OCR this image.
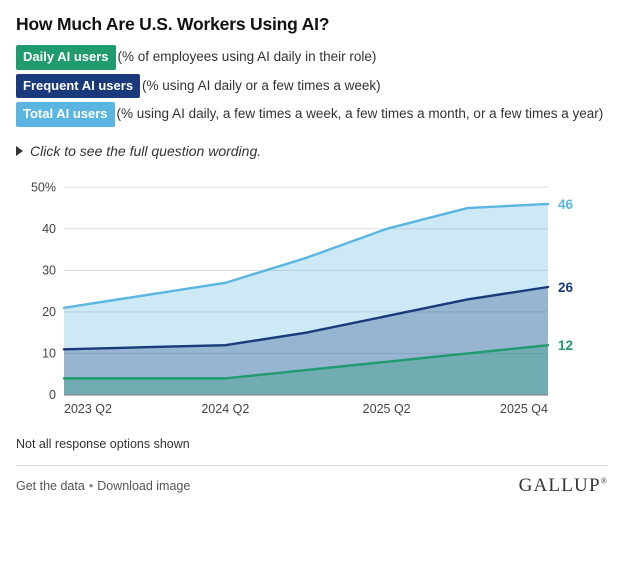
How Much Are U.S. Workers Using AI?
Daily AI users (% of employees using AI daily in their role)
Frequent AI users (% using AI daily or a few times a week)
Total AI users (% using AI daily, a few times a week, a few times a month, or a few times a year)
Click to see the full question wording.
0
10
20
30
40
50%
46
26
12
2023 Q2	2024 Q2	2025 Q2	2025 Q4
Not all response options shown
Get the data • Download image	GALLUP®
